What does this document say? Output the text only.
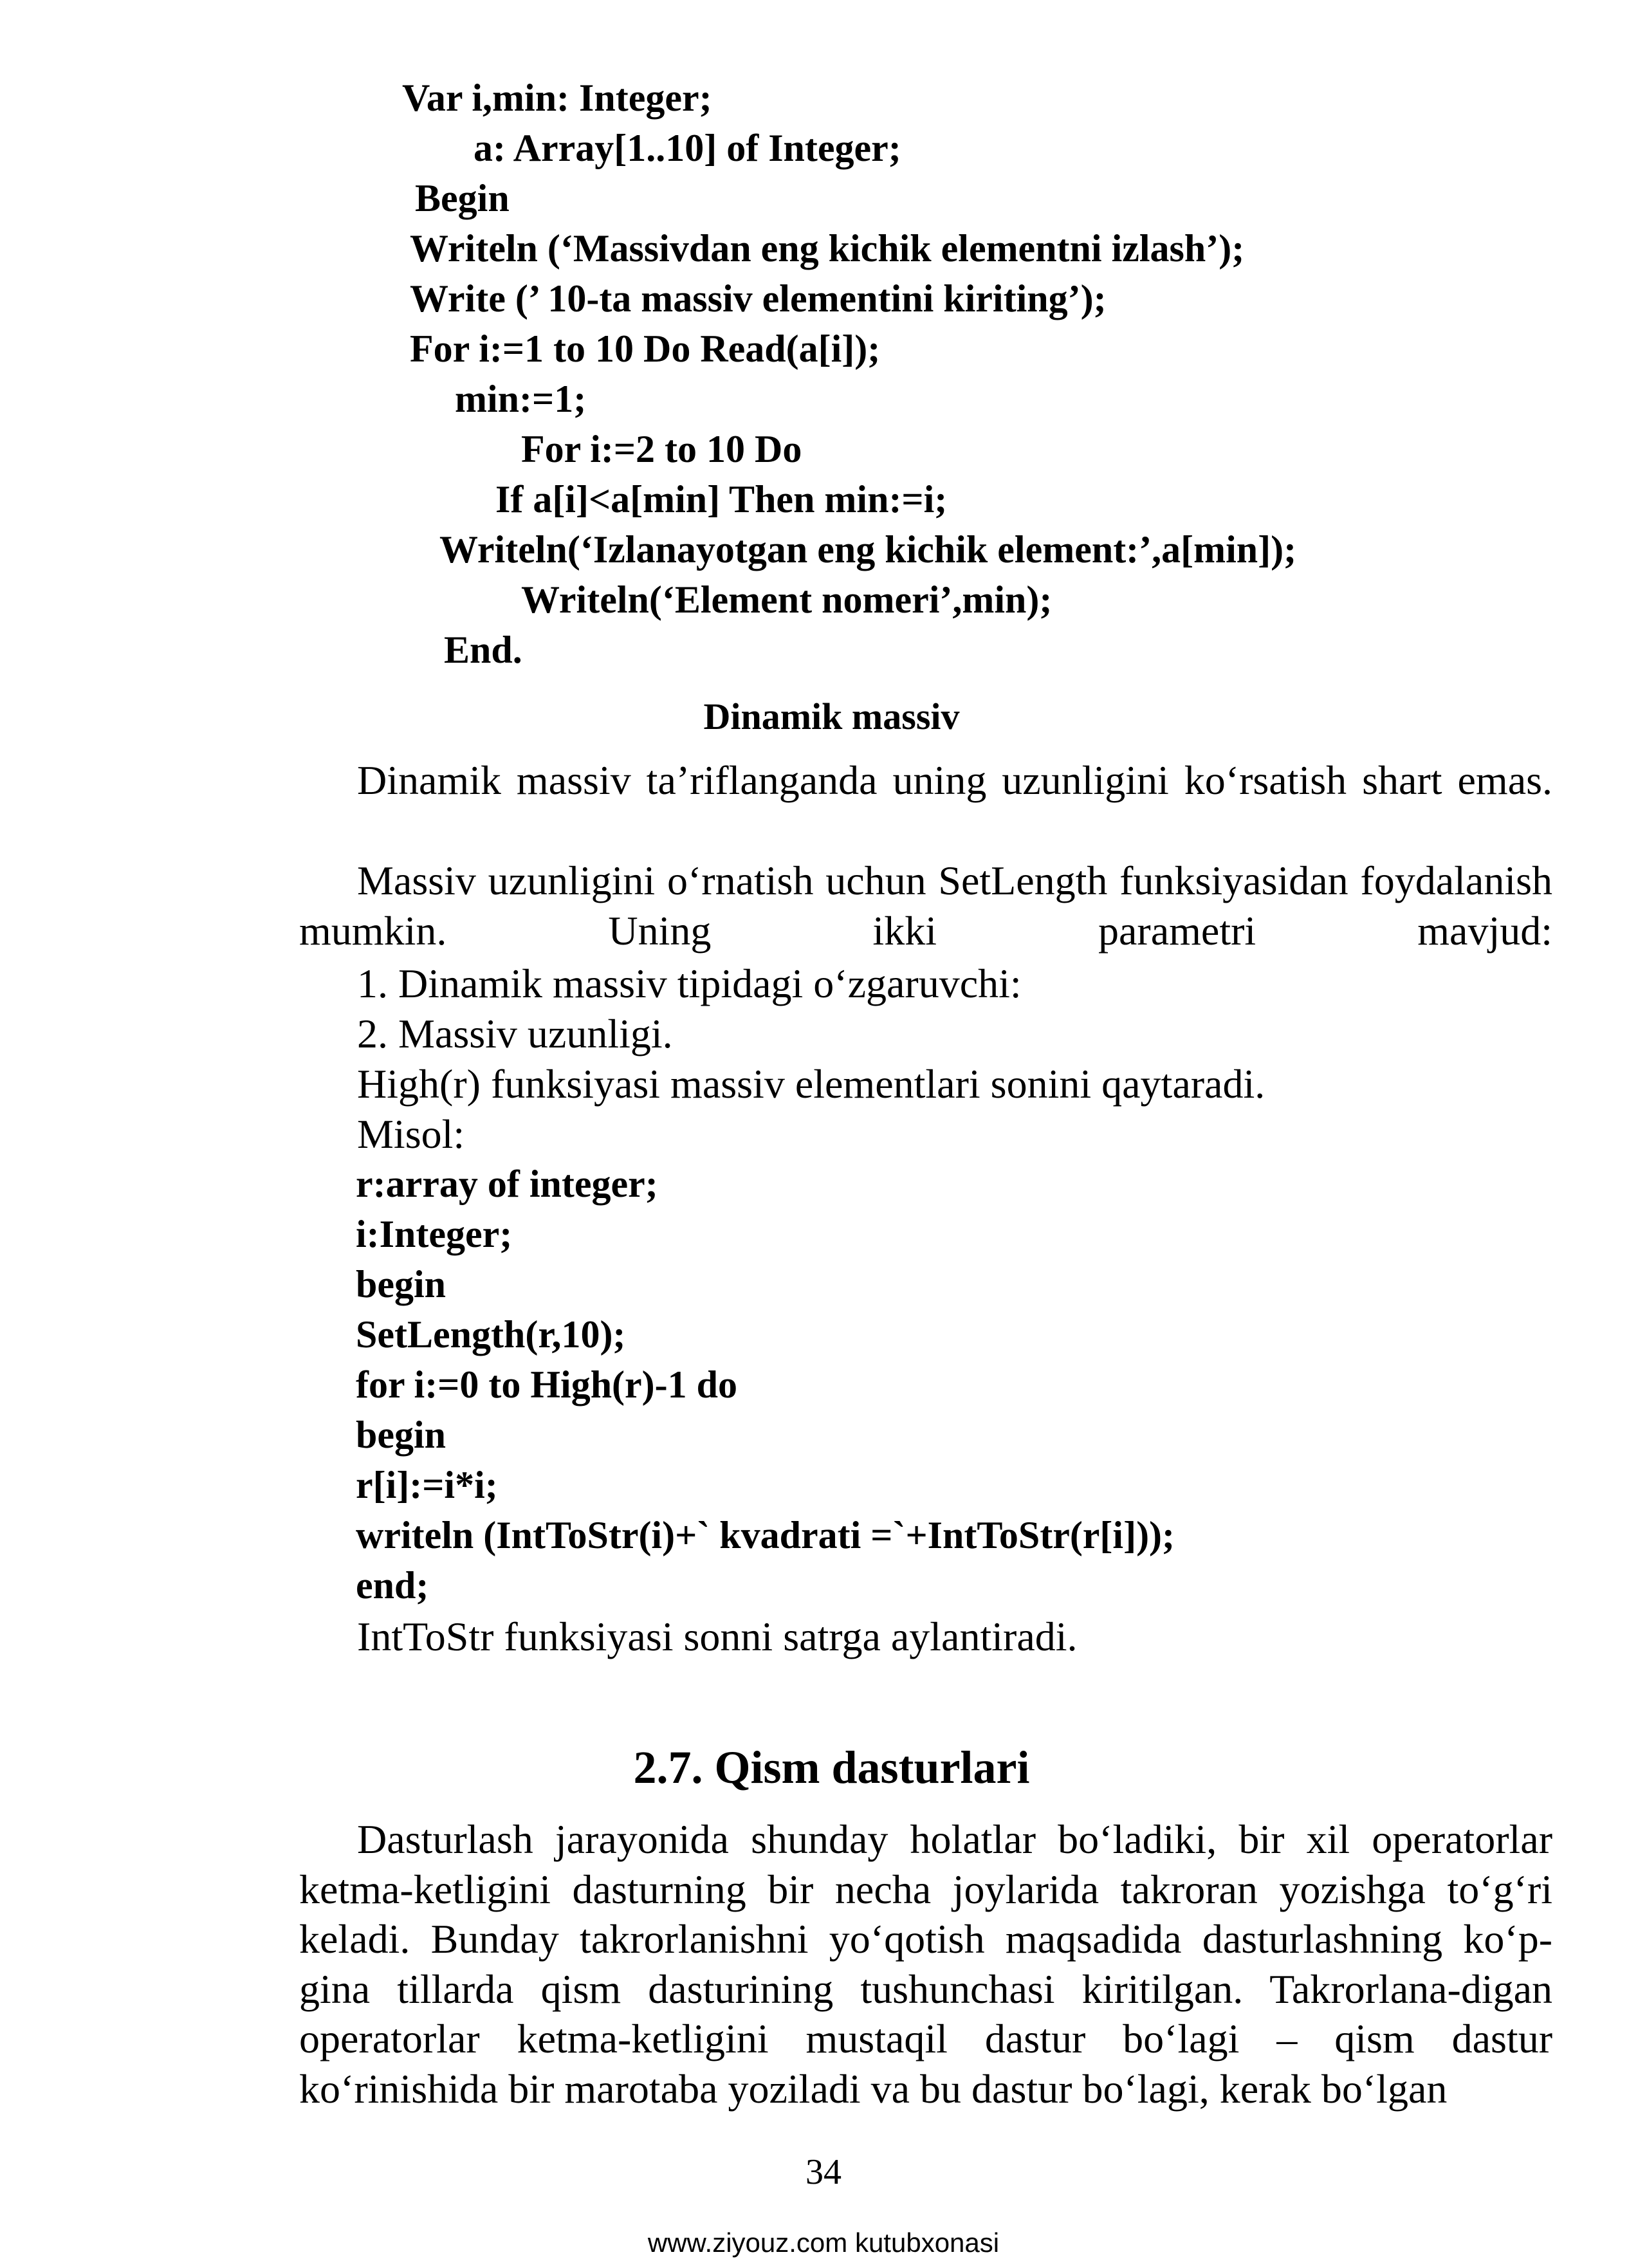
Var i,min: Integer;
a: Array[1..10] of Integer;
Begin
Writeln (‘Massivdan eng kichik elementni izlash’);
Write (’ 10-ta massiv elementini kiriting’);
For i:=1 to 10 Do Read(a[i]);
min:=1;
For i:=2 to 10 Do
If a[i]<a[min] Then min:=i;
Writeln(‘Izlanayotgan eng kichik element:’,a[min]);
Writeln(‘Element nomeri’,min);
End.
Dinamik massiv
Dinamik massiv ta’riflanganda uning uzunligini ko‘rsatish shart emas.
Massiv uzunligini o‘rnatish uchun SetLength funksiyasidan foydalanish mumkin. Uning ikki parametri mavjud:
1. Dinamik massiv tipidagi o‘zgaruvchi:
2. Massiv uzunligi.
High(r) funksiyasi massiv elementlari sonini qaytaradi.
Misol:
r:array of integer;
i:Integer;
begin
SetLength(r,10);
for i:=0 to High(r)-1 do
begin
r[i]:=i*i;
writeln (IntToStr(i)+` kvadrati =`+IntToStr(r[i]));
end;
IntToStr funksiyasi sonni satrga aylantiradi.
2.7. Qism dasturlari
Dasturlash jarayonida shunday holatlar bo‘ladiki, bir xil operatorlar ketma-ketligini dasturning bir necha joylarida takroran yozishga to‘g‘ri keladi. Bunday takrorlanishni yo‘qotish maqsadida dasturlashning ko‘p-gina tillarda qism dasturining tushunchasi kiritilgan. Takrorlana-digan operatorlar ketma-ketligini mustaqil dastur bo‘lagi – qism dastur ko‘rinishida bir marotaba yoziladi va bu dastur bo‘lagi, kerak bo‘lgan
34
www.ziyouz.com kutubxonasi
